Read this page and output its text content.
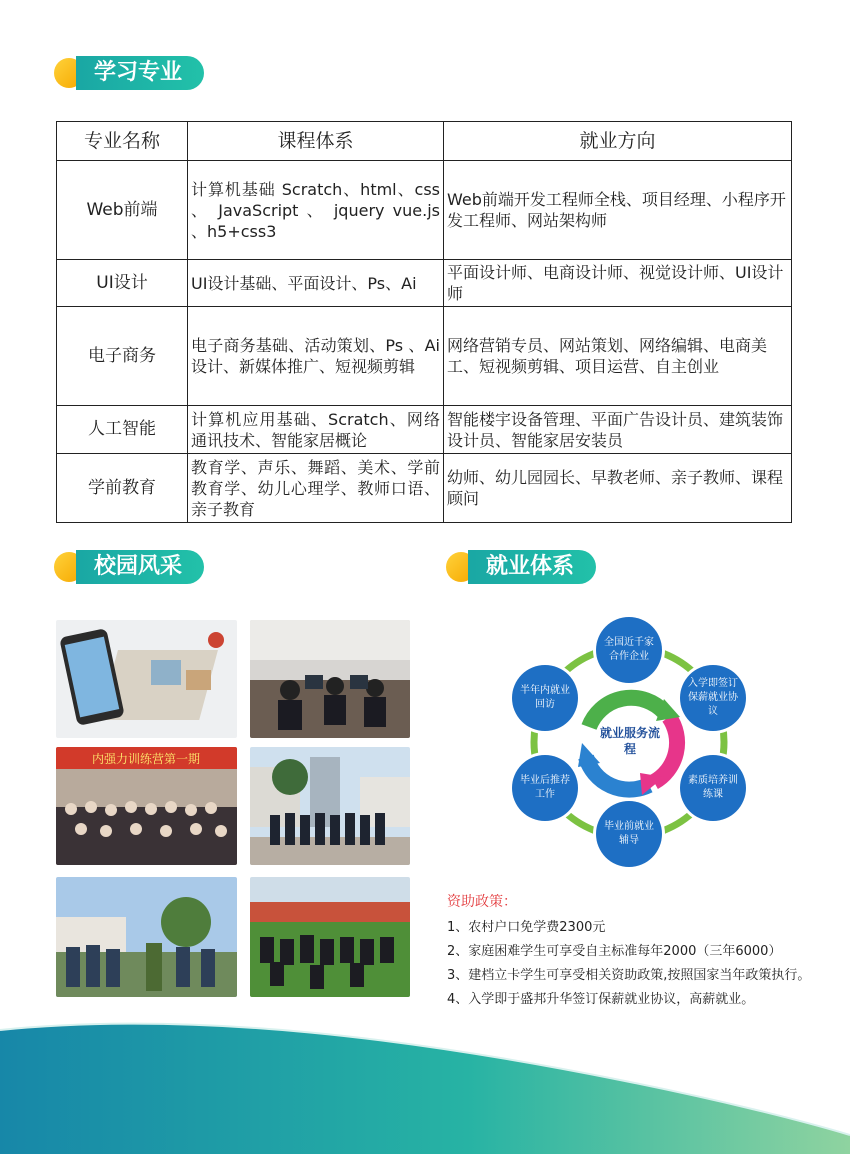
学习专业
专业名称	课程体系	就业方向
Web前端	计算机基础 Scratch、html、css 、 JavaScript 、 jquery vue.js 、h5+css3	Web前端开发工程师全栈、项目经理、小程序开发工程师、网站架构师
UI设计	UI设计基础、平面设计、Ps、Ai	平面设计师、电商设计师、视觉设计师、UI设计师
电子商务	电子商务基础、活动策划、Ps 、Ai设计、新媒体推广、短视频剪辑	网络营销专员、网站策划、网络编辑、电商美工、短视频剪辑、项目运营、自主创业
人工智能	计算机应用基础、Scratch、网络通讯技术、智能家居概论	智能楼宇设备管理、平面广告设计员、建筑装饰设计员、智能家居安装员
学前教育	教育学、声乐、舞蹈、美术、学前教育学、幼儿心理学、教师口语、亲子教育	幼师、幼儿园园长、早教老师、亲子教师、课程顾问
校园风采	就业体系
内强力训练营第一期
就业服务流程
全国近千家合作企业
入学即签订保薪就业协议
素质培养训练课
毕业前就业辅导
毕业后推荐工作
半年内就业回访
资助政策：
1、农村户口免学费2300元
2、家庭困难学生可享受自主标准每年2000（三年6000）
3、建档立卡学生可享受相关资助政策,按照国家当年政策执行。
4、入学即于盛邦升华签订保薪就业协议，高薪就业。
